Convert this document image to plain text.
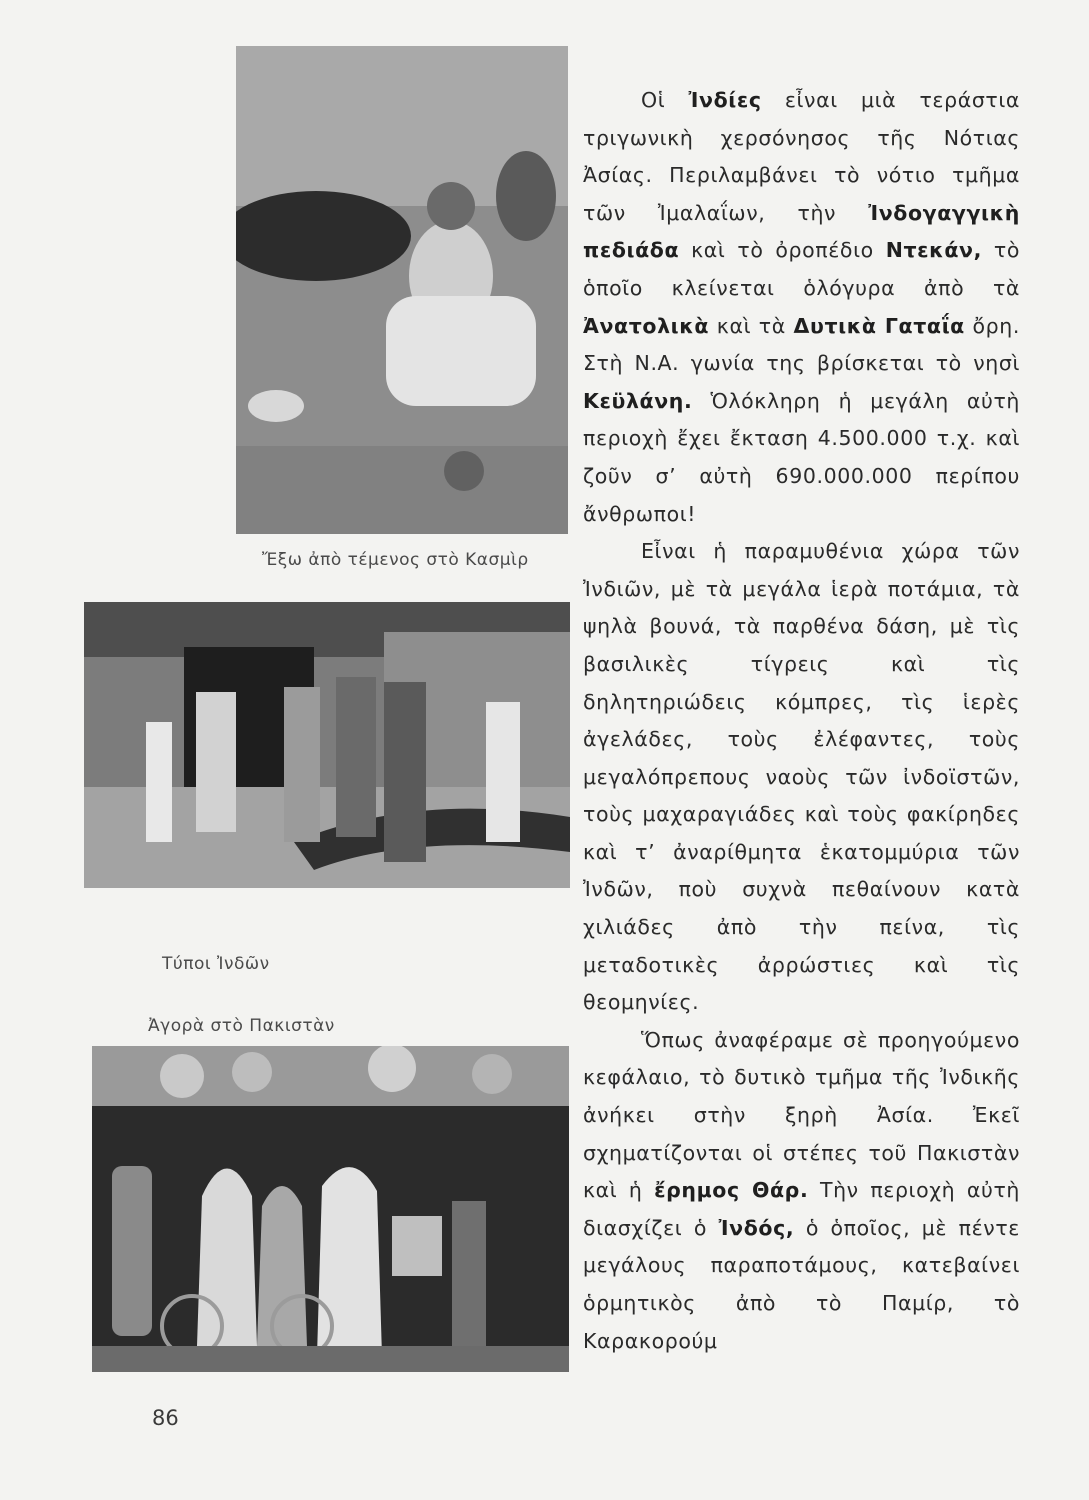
Ἔξω ἀπὸ τέμενος στὸ Κασμὶρ
Τύποι Ἰνδῶν
Ἀγορὰ στὸ Πακιστὰν

Οἱ Ἰνδίες εἶναι μιὰ τεράστια τριγωνικὴ χερσόνησος τῆς Νότιας Ἀσίας. Περιλαμβάνει τὸ νότιο τμῆμα τῶν Ἰμαλαΐων, τὴν Ἰνδογαγγικὴ πεδιάδα καὶ τὸ ὀροπέδιο Ντεκάν, τὸ ὁποῖο κλείνεται ὁλόγυρα ἀπὸ τὰ Ἀνατολικὰ καὶ τὰ Δυτικὰ Γαταΐα ὄρη. Στὴ Ν.Α. γωνία της βρίσκεται τὸ νησὶ Κεϋλάνη. Ὁλόκληρη ἡ μεγάλη αὐτὴ περιοχὴ ἔχει ἔκταση 4.500.000 τ.χ. καὶ ζοῦν σ’ αὐτὴ 690.000.000 περίπου ἄνθρωποι!

Εἶναι ἡ παραμυθένια χώρα τῶν Ἰνδιῶν, μὲ τὰ μεγάλα ἱερὰ ποτάμια, τὰ ψηλὰ βουνά, τὰ παρθένα δάση, μὲ τὶς βασιλικὲς τίγρεις καὶ τὶς δηλητηριώδεις κόμπρες, τὶς ἱερὲς ἀγελάδες, τοὺς ἐλέφαντες, τοὺς μεγαλόπρεπους ναοὺς τῶν ἰνδοϊστῶν, τοὺς μαχαραγιάδες καὶ τοὺς φακίρηδες καὶ τ’ ἀναρίθμητα ἑκατομμύρια τῶν Ἰνδῶν, ποὺ συχνὰ πεθαίνουν κατὰ χιλιάδες ἀπὸ τὴν πείνα, τὶς μεταδοτικὲς ἀρρώστιες καὶ τὶς θεομηνίες.

Ὅπως ἀναφέραμε σὲ προηγούμενο κεφάλαιο, τὸ δυτικὸ τμῆμα τῆς Ἰνδικῆς ἀνήκει στὴν ξηρὴ Ἀσία. Ἐκεῖ σχηματίζονται οἱ στέπες τοῦ Πακιστὰν καὶ ἡ ἔρημος Θάρ. Τὴν περιοχὴ αὐτὴ διασχίζει ὁ Ἰνδός, ὁ ὁποῖος, μὲ πέντε μεγάλους παραποτάμους, κατεβαίνει ὁρμητικὸς ἀπὸ τὸ Παμίρ, τὸ Καρακορούμ

86
